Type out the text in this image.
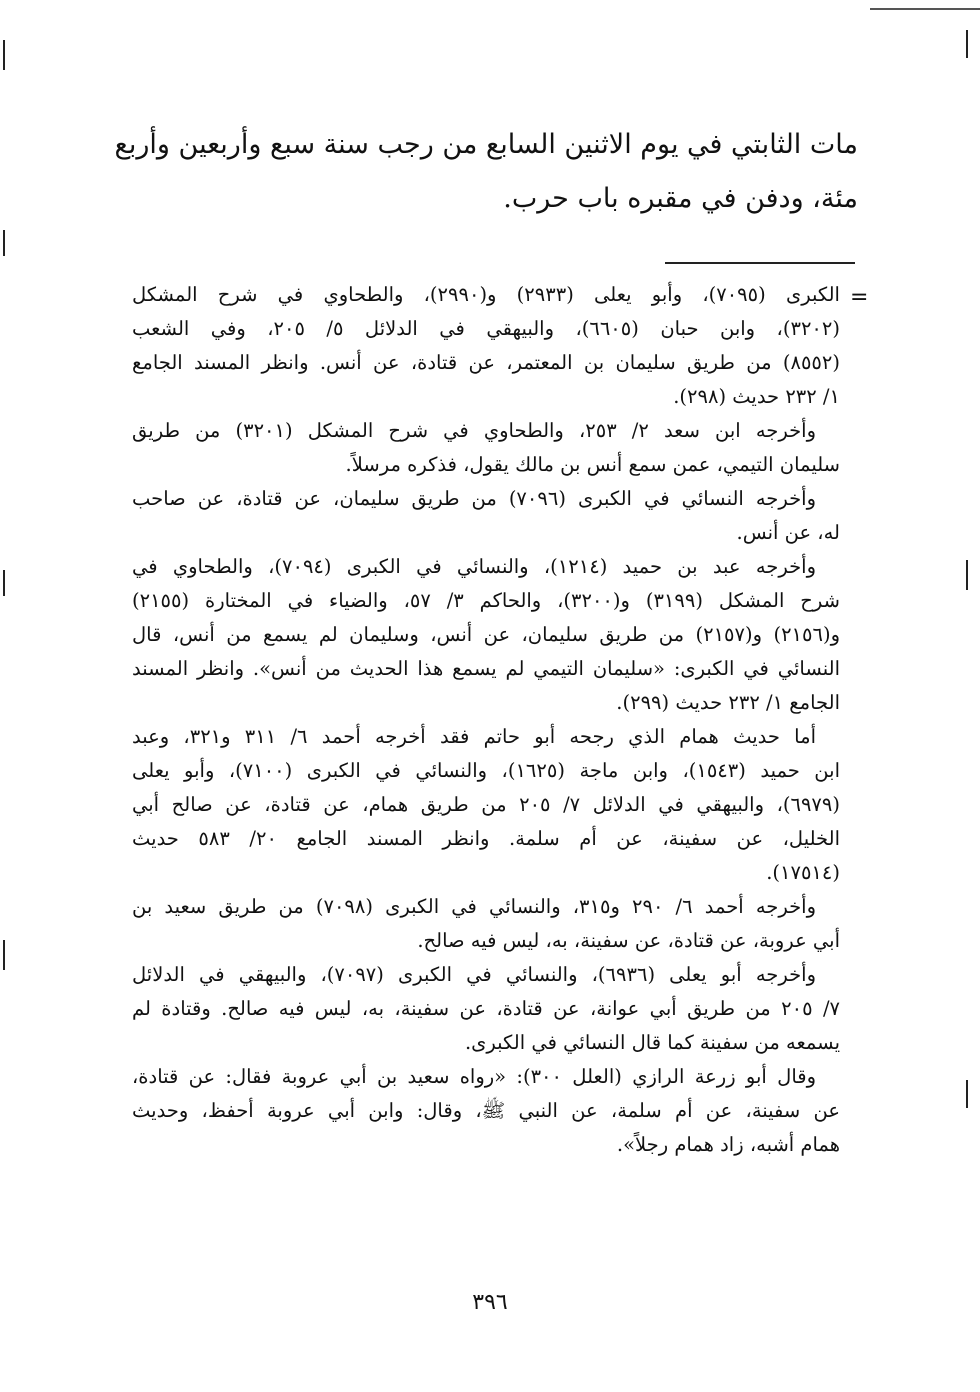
مات الثابتي في يوم الاثنين السابع من رجب سنة سبع وأربعين وأربع

مئة، ودفن في مقبره باب حرب.

=

الكبرى (٧٠٩٥)، وأبو يعلى (٢٩٣٣) و(٢٩٩٠)، والطحاوي في شرح المشكل

(٣٢٠٢)، وابن حبان (٦٦٠٥)، والبيهقي في الدلائل ٥/ ٢٠٥، وفي الشعب

(٨٥٥٢) من طريق سليمان بن المعتمر، عن قتادة، عن أنس. وانظر المسند الجامع

١/ ٢٣٢ حديث (٢٩٨).

وأخرجه ابن سعد ٢/ ٢٥٣، والطحاوي في شرح المشكل (٣٢٠١) من طريق

سليمان التيمي، عمن سمع أنس بن مالك يقول، فذكره مرسلاً.

وأخرجه النسائي في الكبرى (٧٠٩٦) من طريق سليمان، عن قتادة، عن صاحب

له، عن أنس.

وأخرجه عبد بن حميد (١٢١٤)، والنسائي في الكبرى (٧٠٩٤)، والطحاوي في

شرح المشكل (٣١٩٩) و(٣٢٠٠)، والحاكم ٣/ ٥٧، والضياء في المختارة (٢١٥٥)

و(٢١٥٦) و(٢١٥٧) من طريق سليمان، عن أنس، وسليمان لم يسمع من أنس، قال

النسائي في الكبرى: «سليمان التيمي لم يسمع هذا الحديث من أنس». وانظر المسند

الجامع ١/ ٢٣٢ حديث (٢٩٩).

أما حديث همام الذي رجحه أبو حاتم فقد أخرجه أحمد ٦/ ٣١١ و٣٢١، وعبد

ابن حميد (١٥٤٣)، وابن ماجة (١٦٢٥)، والنسائي في الكبرى (٧١٠٠)، وأبو يعلى

(٦٩٧٩)، والبيهقي في الدلائل ٧/ ٢٠٥ من طريق همام، عن قتادة، عن صالح أبي

الخليل، عن سفينة، عن أم سلمة. وانظر المسند الجامع ٢٠/ ٥٨٣ حديث

(١٧٥١٤).

وأخرجه أحمد ٦/ ٢٩٠ و٣١٥، والنسائي في الكبرى (٧٠٩٨) من طريق سعيد بن

أبي عروبة، عن قتادة، عن سفينة، به، ليس فيه صالح.

وأخرجه أبو يعلى (٦٩٣٦)، والنسائي في الكبرى (٧٠٩٧)، والبيهقي في الدلائل

٧/ ٢٠٥ من طريق أبي عوانة، عن قتادة، عن سفينة، به، ليس فيه صالح. وقتادة لم

يسمعه من سفينة كما قال النسائي في الكبرى.

وقال أبو زرعة الرازي (العلل ٣٠٠): «رواه سعيد بن أبي عروبة فقال: عن قتادة،

عن سفينة، عن أم سلمة، عن النبي ﷺ، وقال: وابن أبي عروبة أحفظ، وحديث

همام أشبه، زاد همام رجلاً».

٣٩٦
